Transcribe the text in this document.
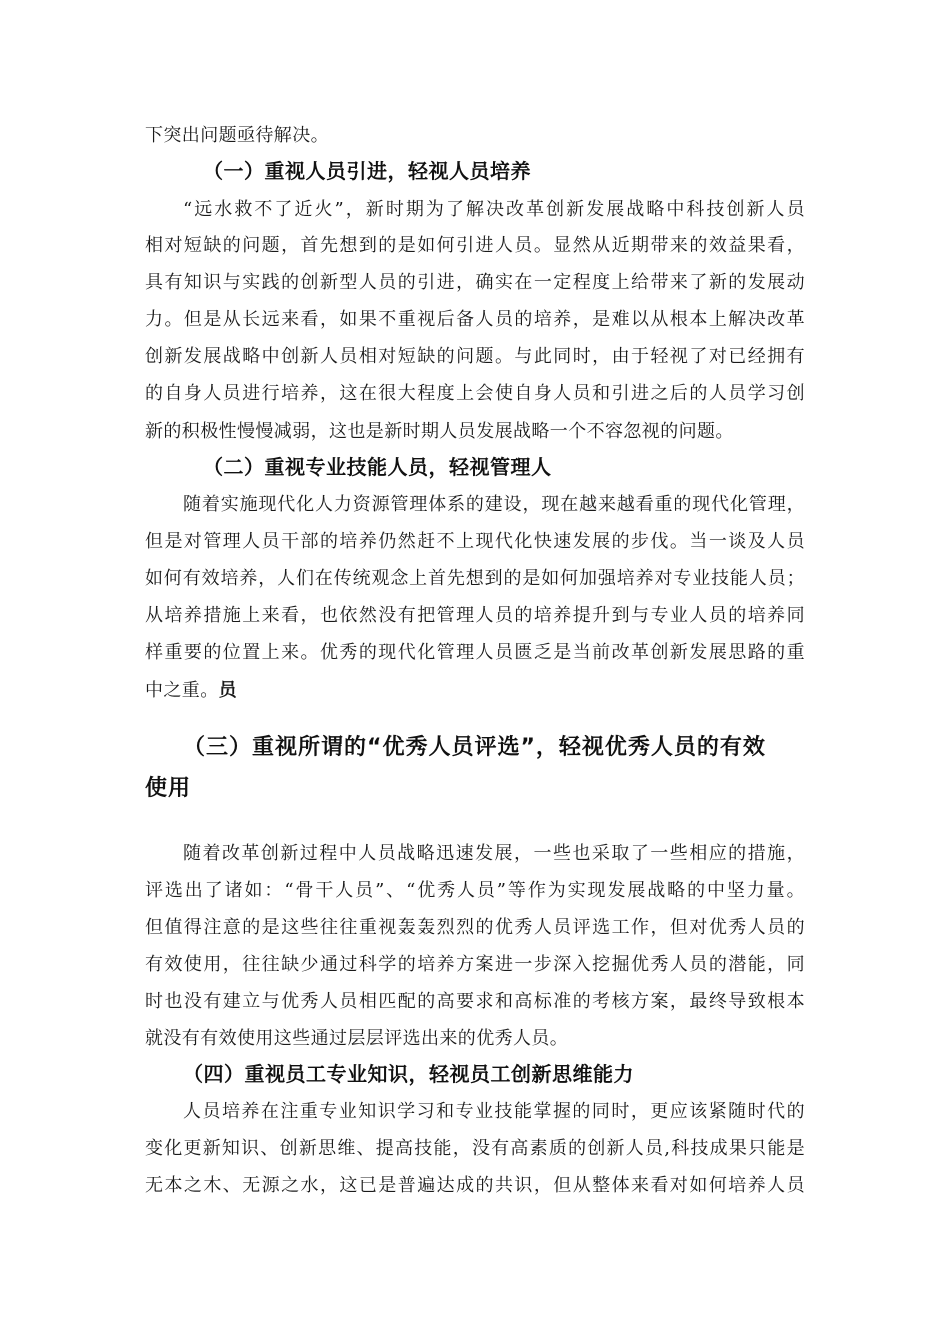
下突出问题亟待解决。
（一）重视人员引进，轻视人员培养
“远水救不了近火”，新时期为了解决改革创新发展战略中科技创新人员
相对短缺的问题，首先想到的是如何引进人员。显然从近期带来的效益果看，
具有知识与实践的创新型人员的引进，确实在一定程度上给带来了新的发展动
力。但是从长远来看，如果不重视后备人员的培养，是难以从根本上解决改革
创新发展战略中创新人员相对短缺的问题。与此同时，由于轻视了对已经拥有
的自身人员进行培养，这在很大程度上会使自身人员和引进之后的人员学习创
新的积极性慢慢减弱，这也是新时期人员发展战略一个不容忽视的问题。
（二）重视专业技能人员，轻视管理人
随着实施现代化人力资源管理体系的建设，现在越来越看重的现代化管理，
但是对管理人员干部的培养仍然赶不上现代化快速发展的步伐。当一谈及人员
如何有效培养，人们在传统观念上首先想到的是如何加强培养对专业技能人员；
从培养措施上来看，也依然没有把管理人员的培养提升到与专业人员的培养同
样重要的位置上来。优秀的现代化管理人员匮乏是当前改革创新发展思路的重
中之重。员
（三）重视所谓的“优秀人员评选”，轻视优秀人员的有效
使用
随着改革创新过程中人员战略迅速发展，一些也采取了一些相应的措施，
评选出了诸如：“骨干人员”、“优秀人员”等作为实现发展战略的中坚力量。
但值得注意的是这些往往重视轰轰烈烈的优秀人员评选工作，但对优秀人员的
有效使用，往往缺少通过科学的培养方案进一步深入挖掘优秀人员的潜能，同
时也没有建立与优秀人员相匹配的高要求和高标准的考核方案，最终导致根本
就没有有效使用这些通过层层评选出来的优秀人员。
（四）重视员工专业知识，轻视员工创新思维能力
人员培养在注重专业知识学习和专业技能掌握的同时，更应该紧随时代的
变化更新知识、创新思维、提高技能，没有高素质的创新人员,科技成果只能是
无本之木、无源之水，这已是普遍达成的共识，但从整体来看对如何培养人员
